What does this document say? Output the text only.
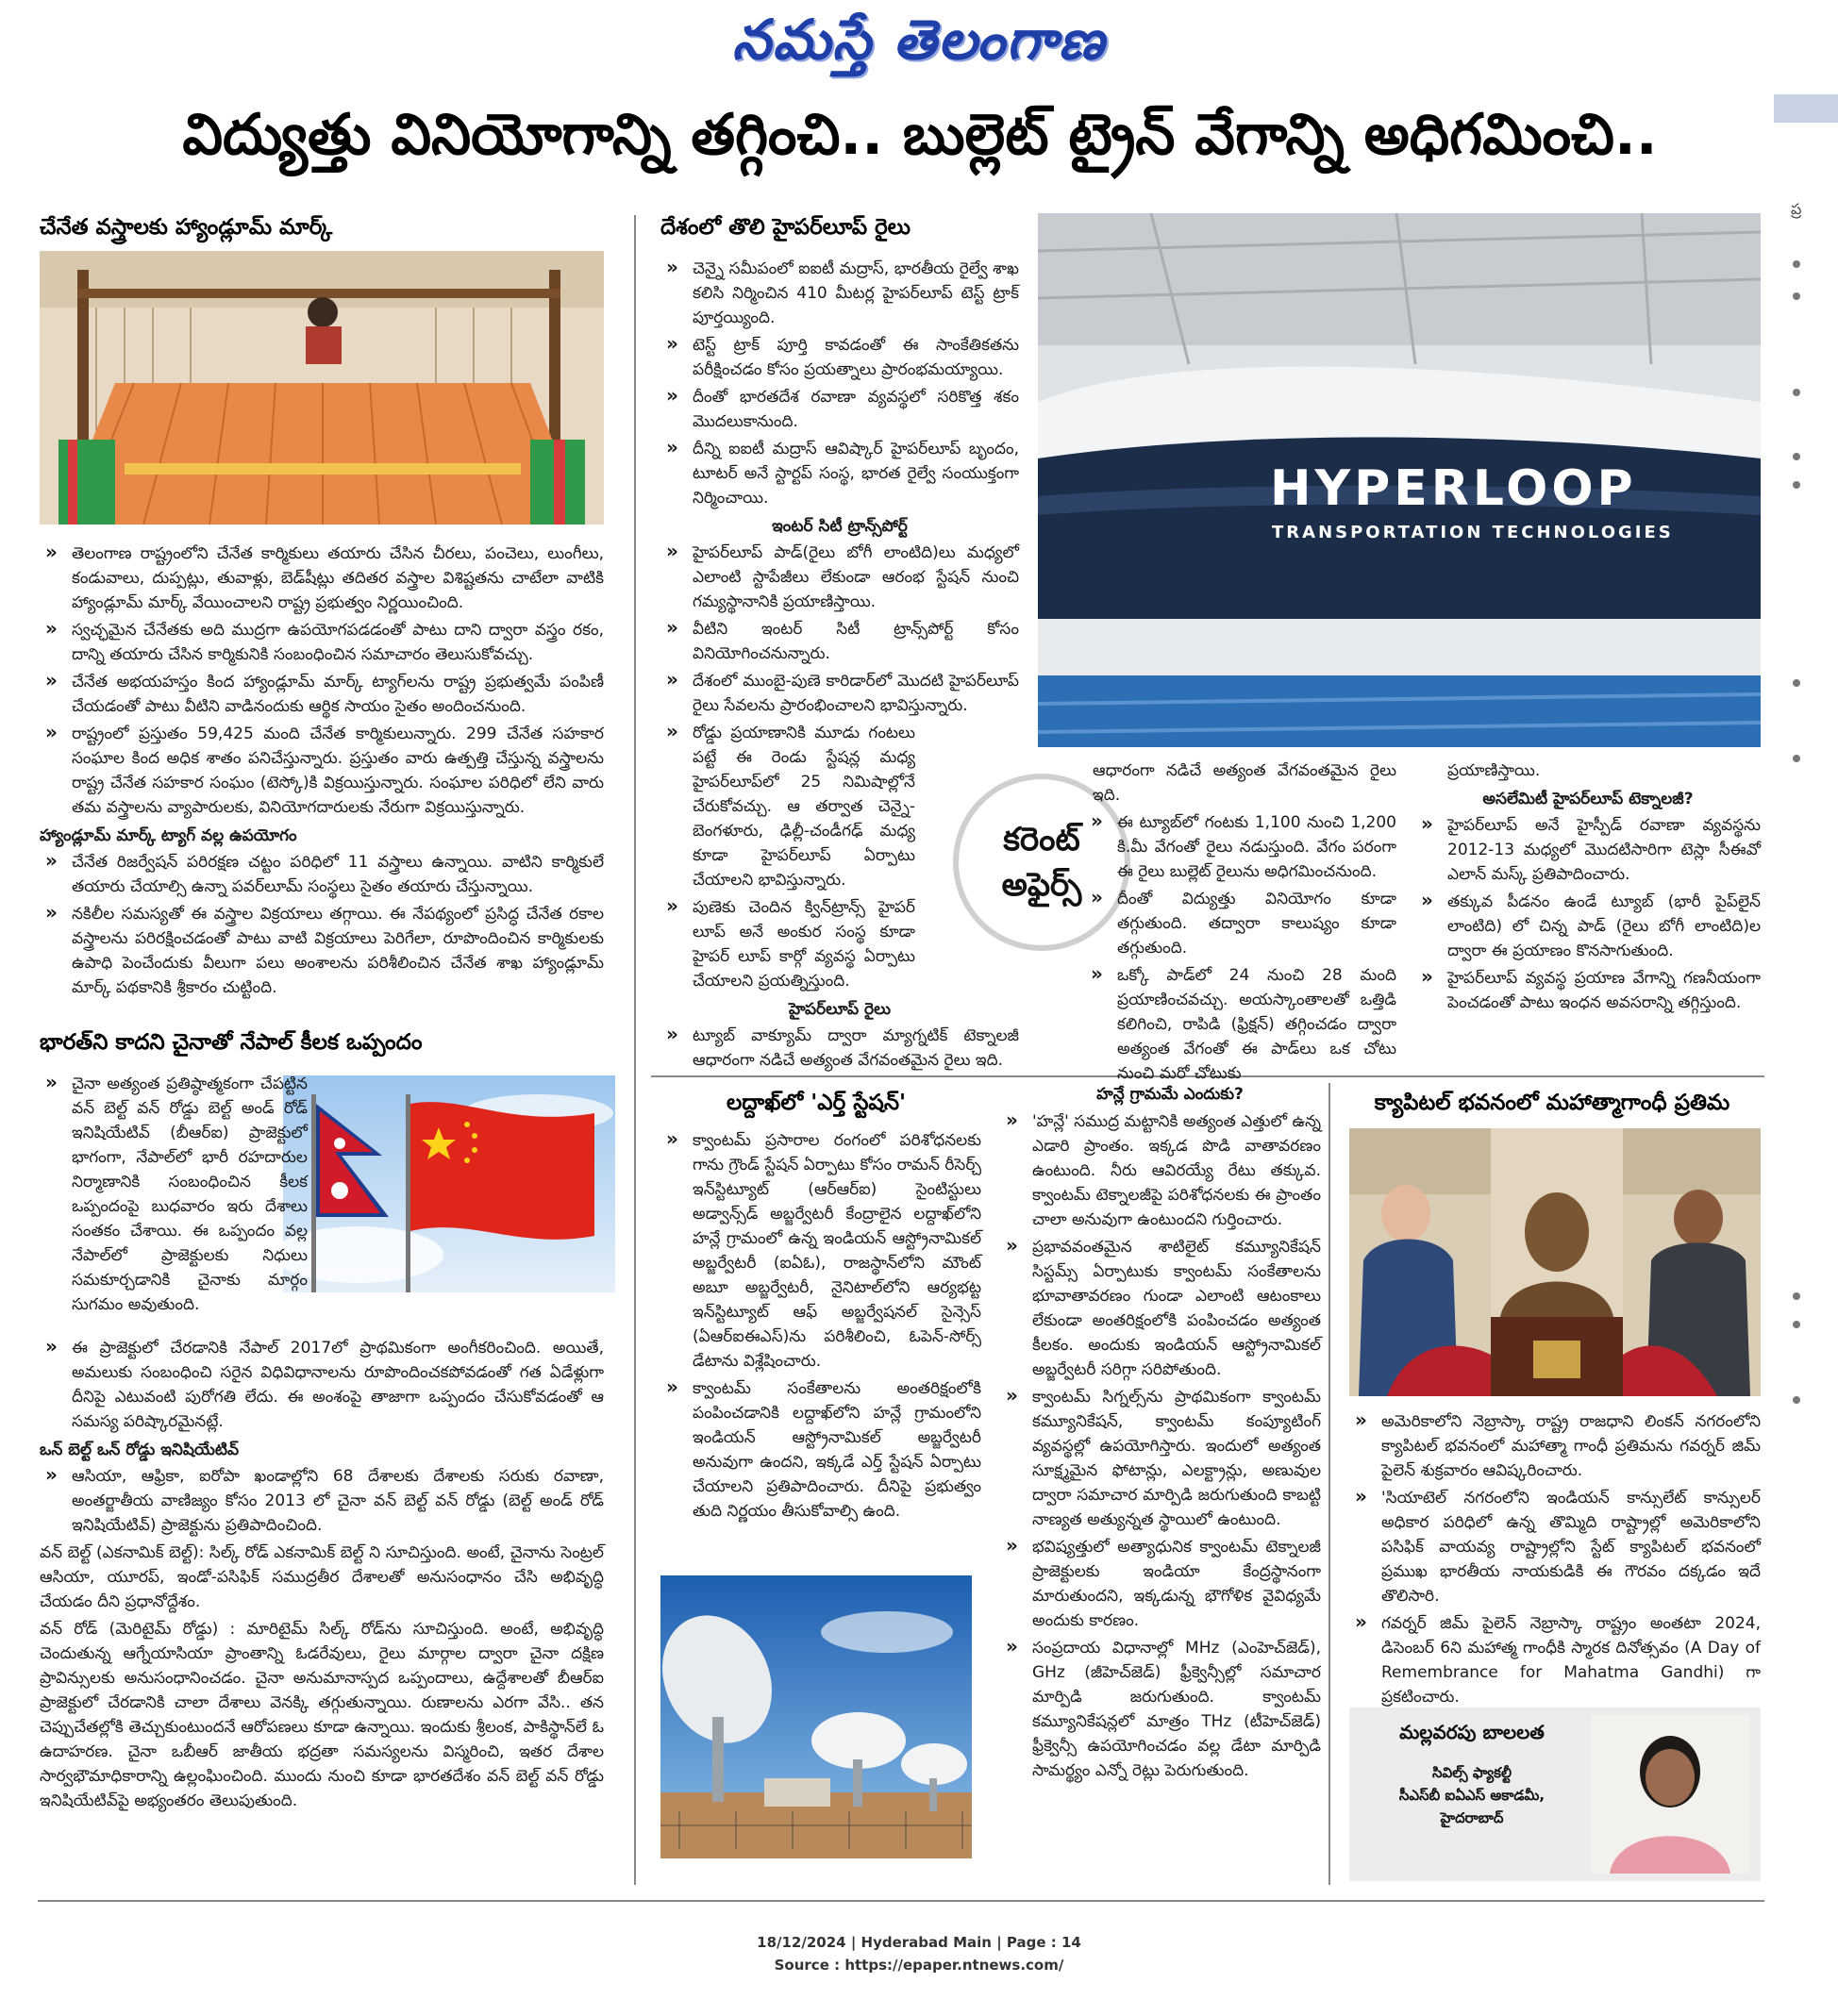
నమస్తే తెలంగాణ
విద్యుత్తు వినియోగాన్ని తగ్గించి.. బుల్లెట్ ట్రైన్ వేగాన్ని అధిగమించి..
ప్ర
చేనేత వస్త్రాలకు హ్యాండ్లూమ్ మార్క్

» తెలంగాణ రాష్ట్రంలోని చేనేత కార్మికులు తయారు చేసిన చీరలు, పంచెలు, లుంగీలు, కండువాలు, దుప్పట్లు, తువాళ్లు, బెడ్‌షీట్లు తదితర వస్త్రాల విశిష్టతను చాటేలా వాటికి హ్యాండ్లూమ్ మార్క్ వేయించాలని రాష్ట్ర ప్రభుత్వం నిర్ణయించింది.

» స్వచ్ఛమైన చేనేతకు అది ముద్రగా ఉపయోగపడడంతో పాటు దాని ద్వారా వస్త్రం రకం, దాన్ని తయారు చేసిన కార్మికునికి సంబంధించిన సమాచారం తెలుసుకోవచ్చు.

» చేనేత అభయహస్తం కింద హ్యాండ్లూమ్ మార్క్ ట్యాగ్‌లను రాష్ట్ర ప్రభుత్వమే పంపిణీ చేయడంతో పాటు వీటిని వాడినందుకు ఆర్థిక సాయం సైతం అందించనుంది.

» రాష్ట్రంలో ప్రస్తుతం 59,425 మంది చేనేత కార్మికులున్నారు. 299 చేనేత సహకార సంఘాల కింద అధిక శాతం పనిచేస్తున్నారు. ప్రస్తుతం వారు ఉత్పత్తి చేస్తున్న వస్త్రాలను రాష్ట్ర చేనేత సహకార సంఘం (టెస్కో)కి విక్రయిస్తున్నారు. సంఘాల పరిధిలో లేని వారు తమ వస్త్రాలను వ్యాపారులకు, వినియోగదారులకు నేరుగా విక్రయిస్తున్నారు.

హ్యాండ్లూమ్ మార్క్ ట్యాగ్ వల్ల ఉపయోగం

» చేనేత రిజర్వేషన్ పరిరక్షణ చట్టం పరిధిలో 11 వస్త్రాలు ఉన్నాయి. వాటిని కార్మికులే తయారు చేయాల్సి ఉన్నా పవర్‌లూమ్ సంస్థలు సైతం తయారు చేస్తున్నాయి.

» నకిలీల సమస్యతో ఈ వస్త్రాల విక్రయాలు తగ్గాయి. ఈ నేపథ్యంలో ప్రసిద్ధ చేనేత రకాల వస్త్రాలను పరిరక్షించడంతో పాటు వాటి విక్రయాలు పెరిగేలా, రూపొందించిన కార్మికులకు ఉపాధి పెంచేందుకు వీలుగా పలు అంశాలను పరిశీలించిన చేనేత శాఖ హ్యాండ్లూమ్ మార్క్ పథకానికి శ్రీకారం చుట్టింది.

భారత్‌ని కాదని చైనాతో నేపాల్ కీలక ఒప్పందం

» చైనా అత్యంత ప్రతిష్ఠాత్మకంగా చేపట్టిన వన్ బెల్ట్ వన్ రోడ్డు బెల్ట్ అండ్ రోడ్ ఇనిషియేటివ్ (బీఆర్ఐ) ప్రాజెక్టులో భాగంగా, నేపాల్‌లో భారీ రహదారుల నిర్మాణానికి సంబంధించిన కీలక ఒప్పందంపై బుధవారం ఇరు దేశాలు సంతకం చేశాయి. ఈ ఒప్పందం వల్ల నేపాల్‌లో ప్రాజెక్టులకు నిధులు సమకూర్చడానికి చైనాకు మార్గం సుగమం అవుతుంది.

» ఈ ప్రాజెక్టులో చేరడానికి నేపాల్ 2017లో ప్రాథమికంగా అంగీకరించింది. అయితే, అమలుకు సంబంధించి సరైన విధివిధానాలను రూపొందించకపోవడంతో గత ఏడేళ్లుగా దీనిపై ఎటువంటి పురోగతి లేదు. ఈ అంశంపై తాజాగా ఒప్పందం చేసుకోవడంతో ఆ సమస్య పరిష్కారమైనట్లే.

ఒన్ బెల్ట్ ఒన్ రోడ్డు ఇనిషియేటివ్

» ఆసియా, ఆఫ్రికా, ఐరోపా ఖండాల్లోని 68 దేశాలకు దేశాలకు సరుకు రవాణా, అంతర్జాతీయ వాణిజ్యం కోసం 2013 లో చైనా వన్ బెల్ట్ వన్ రోడ్డు (బెల్ట్ అండ్ రోడ్ ఇనిషియేటివ్) ప్రాజెక్టును ప్రతిపాదించింది.

వన్ బెల్ట్ (ఎకనామిక్ బెల్ట్): సిల్క్ రోడ్ ఎకనామిక్ బెల్ట్ ని సూచిస్తుంది. అంటే, చైనాను సెంట్రల్ ఆసియా, యూరప్, ఇండో-పసిఫిక్ సముద్రతీర దేశాలతో అనుసంధానం చేసి అభివృద్ధి చేయడం దీని ప్రధానోద్దేశం.

వన్ రోడ్ (మెరిటైమ్ రోడ్డు) : మారిటైమ్ సిల్క్ రోడ్‌ను సూచిస్తుంది. అంటే, అభివృద్ధి చెందుతున్న ఆగ్నేయాసియా ప్రాంతాన్ని ఓడరేవులు, రైలు మార్గాల ద్వారా చైనా దక్షిణ ప్రావిన్సులకు అనుసంధానించడం. చైనా అనుమానాస్పద ఒప్పందాలు, ఉద్దేశాలతో బీఆర్ఐ ప్రాజెక్టులో చేరడానికి చాలా దేశాలు వెనక్కి తగ్గుతున్నాయి. రుణాలను ఎరగా వేసి.. తన చెప్పుచేతల్లోకి తెచ్చుకుంటుందనే ఆరోపణలు కూడా ఉన్నాయి. ఇందుకు శ్రీలంక, పాకిస్థాన్‌లే ఓ ఉదాహరణ. చైనా ఒబీఆర్ జాతీయ భద్రతా సమస్యలను విస్మరించి, ఇతర దేశాల సార్వభౌమాధికారాన్ని ఉల్లంఘించింది. ముందు నుంచి కూడా భారతదేశం వన్ బెల్ట్ వన్ రోడ్డు ఇనిషియేటివ్‌పై అభ్యంతరం తెలుపుతుంది.

దేశంలో తొలి హైపర్‌లూప్ రైలు
HYPERLOOP
TRANSPORTATION TECHNOLOGIES

» చెన్నై సమీపంలో ఐఐటీ మద్రాస్, భారతీయ రైల్వే శాఖ కలిసి నిర్మించిన 410 మీటర్ల హైపర్‌లూప్ టెస్ట్ ట్రాక్ పూర్తయ్యింది.

» టెస్ట్ ట్రాక్ పూర్తి కావడంతో ఈ సాంకేతికతను పరీక్షించడం కోసం ప్రయత్నాలు ప్రారంభమయ్యాయి.

» దీంతో భారతదేశ రవాణా వ్యవస్థలో సరికొత్త శకం మొదలుకానుంది.

» దీన్ని ఐఐటీ మద్రాస్ ఆవిష్కార్ హైపర్‌లూప్ బృందం, టూటర్ అనే స్టార్టప్ సంస్థ, భారత రైల్వే సంయుక్తంగా నిర్మించాయి.

ఇంటర్ సిటీ ట్రాన్స్‌పోర్ట్

» హైపర్‌లూప్ పాడ్(రైలు బోగీ లాంటిది)లు మధ్యలో ఎలాంటి స్టాపేజీలు లేకుండా ఆరంభ స్టేషన్ నుంచి గమ్యస్థానానికి ప్రయాణిస్తాయి.

» వీటిని ఇంటర్ సిటీ ట్రాన్స్‌పోర్ట్ కోసం వినియోగించనున్నారు.

» దేశంలో ముంబై-పుణె కారిడార్‌లో మొదటి హైపర్‌లూప్ రైలు సేవలను ప్రారంభించాలని భావిస్తున్నారు.

» రోడ్డు ప్రయాణానికి మూడు గంటలు పట్టే ఈ రెండు స్టేషన్ల మధ్య హైపర్‌లూప్‌లో 25 నిమిషాల్లోనే చేరుకోవచ్చు. ఆ తర్వాత చెన్నై-బెంగళూరు, ఢిల్లీ-చండీగఢ్ మధ్య కూడా హైపర్‌లూప్ ఏర్పాటు చేయాలని భావిస్తున్నారు.

» పుణెకు చెందిన క్విన్‌ట్రాన్స్ హైపర్ లూప్ అనే అంకుర సంస్థ కూడా హైపర్ లూప్ కార్గో వ్యవస్థ ఏర్పాటు చేయాలని ప్రయత్నిస్తుంది.

హైపర్‌లూప్ రైలు

» ట్యూబ్ వాక్యూమ్ ద్వారా మ్యాగ్నటిక్ టెక్నాలజీ ఆధారంగా నడిచే అత్యంత వేగవంతమైన రైలు ఇది.

కరెంట్
అఫైర్స్

ఆధారంగా నడిచే అత్యంత వేగవంతమైన రైలు ఇది.

» ఈ ట్యూబ్‌లో గంటకు 1,100 నుంచి 1,200 కి.మీ వేగంతో రైలు నడుస్తుంది. వేగం పరంగా ఈ రైలు బుల్లెట్ రైలును అధిగమించనుంది.

» దీంతో విద్యుత్తు వినియోగం కూడా తగ్గుతుంది. తద్వారా కాలుష్యం కూడా తగ్గుతుంది.

» ఒక్కో పాడ్‌లో 24 నుంచి 28 మంది ప్రయాణించవచ్చు. అయస్కాంతాలతో ఒత్తిడి కలిగించి, రాపిడి (ఫ్రిక్షన్) తగ్గించడం ద్వారా అత్యంత వేగంతో ఈ పాడ్‌లు ఒక చోటు నుంచి మరో చోటుకు

ప్రయాణిస్తాయి.

అసలేమిటీ హైపర్‌లూప్ టెక్నాలజీ?

» హైపర్‌లూప్ అనే హైస్పీడ్ రవాణా వ్యవస్థను 2012-13 మధ్యలో మొదటిసారిగా టెస్లా సీఈవో ఎలాన్ మస్క్ ప్రతిపాదించారు.

» తక్కువ పీడనం ఉండే ట్యూబ్ (భారీ పైప్‌లైన్ లాంటిది) లో చిన్న పాడ్ (రైలు బోగీ లాంటిది)ల ద్వారా ఈ ప్రయాణం కొనసాగుతుంది.

» హైపర్‌లూప్ వ్యవస్థ ప్రయాణ వేగాన్ని గణనీయంగా పెంచడంతో పాటు ఇంధన అవసరాన్ని తగ్గిస్తుంది.

లద్దాఖ్‌లో 'ఎర్త్ స్టేషన్'

» క్వాంటమ్ ప్రసారాల రంగంలో పరిశోధనలకు గాను గ్రౌండ్ స్టేషన్ ఏర్పాటు కోసం రామన్ రీసెర్చ్ ఇన్‌స్టిట్యూట్ (ఆర్ఆర్ఐ) సైంటిస్టులు అడ్వాన్స్‌డ్ అబ్జర్వేటరీ కేంద్రాలైన లద్దాఖ్‌లోని హన్లే గ్రామంలో ఉన్న ఇండియన్ ఆస్ట్రోనామికల్ అబ్జర్వేటరీ (ఐఏఓ), రాజస్థాన్‌లోని మౌంట్ అబూ అబ్జర్వేటరీ, నైనిటాల్‌లోని ఆర్యభట్ట ఇన్‌స్టిట్యూట్ ఆఫ్ అబ్జర్వేషనల్ సైన్సెస్ (ఏఆర్ఐఈఎస్)ను పరిశీలించి, ఓపెన్-సోర్స్ డేటాను విశ్లేషించారు.

» క్వాంటమ్ సంకేతాలను అంతరిక్షంలోకి పంపించడానికి లద్దాఖ్‌లోని హన్లే గ్రామంలోని ఇండియన్ ఆస్ట్రోనామికల్ అబ్జర్వేటరీ అనువుగా ఉందని, ఇక్కడే ఎర్త్ స్టేషన్ ఏర్పాటు చేయాలని ప్రతిపాదించారు. దీనిపై ప్రభుత్వం తుది నిర్ణయం తీసుకోవాల్సి ఉంది.

హన్లే గ్రామమే ఎందుకు?

» 'హన్లే' సముద్ర మట్టానికి అత్యంత ఎత్తులో ఉన్న ఎడారి ప్రాంతం. ఇక్కడ పొడి వాతావరణం ఉంటుంది. నీరు ఆవిరయ్యే రేటు తక్కువ. క్వాంటమ్ టెక్నాలజీపై పరిశోధనలకు ఈ ప్రాంతం చాలా అనువుగా ఉంటుందని గుర్తించారు.

» ప్రభావవంతమైన శాటిలైట్ కమ్యూనికేషన్ సిస్టమ్స్ ఏర్పాటుకు క్వాంటమ్ సంకేతాలను భూవాతావరణం గుండా ఎలాంటి ఆటంకాలు లేకుండా అంతరిక్షంలోకి పంపించడం అత్యంత కీలకం. అందుకు ఇండియన్ ఆస్ట్రోనామికల్ అబ్జర్వేటరీ సరిగ్గా సరిపోతుంది.

» క్వాంటమ్ సిగ్నల్స్‌ను ప్రాథమికంగా క్వాంటమ్ కమ్యూనికేషన్, క్వాంటమ్ కంప్యూటింగ్ వ్యవస్థల్లో ఉపయోగిస్తారు. ఇందులో అత్యంత సూక్ష్మమైన ఫోటాన్లు, ఎలక్ట్రాన్లు, అణువుల ద్వారా సమాచార మార్పిడి జరుగుతుంది కాబట్టి నాణ్యత అత్యున్నత స్థాయిలో ఉంటుంది.

» భవిష్యత్తులో అత్యాధునిక క్వాంటమ్ టెక్నాలజీ ప్రాజెక్టులకు ఇండియా కేంద్రస్థానంగా మారుతుందని, ఇక్కడున్న భౌగోళిక వైవిధ్యమే అందుకు కారణం.

» సంప్రదాయ విధానాల్లో MHz (ఎంహెచ్‌జెడ్), GHz (జీహెచ్‌జెడ్) ఫ్రీక్వెన్సీల్లో సమాచార మార్పిడి జరుగుతుంది. క్వాంటమ్ కమ్యూనికేషన్లలో మాత్రం THz (టీహెచ్‌జెడ్) ఫ్రీక్వెన్సీ ఉపయోగించడం వల్ల డేటా మార్పిడి సామర్థ్యం ఎన్నో రెట్లు పెరుగుతుంది.

క్యాపిటల్ భవనంలో మహాత్మాగాంధీ ప్రతిమ

» అమెరికాలోని నెబ్రాస్కా రాష్ట్ర రాజధాని లింకన్ నగరంలోని క్యాపిటల్ భవనంలో మహాత్మా గాంధీ ప్రతిమను గవర్నర్ జిమ్ పైలెన్ శుక్రవారం ఆవిష్కరించారు.

» 'సియాటెల్ నగరంలోని ఇండియన్ కాన్సులేట్ కాన్సులర్ అధికార పరిధిలో ఉన్న తొమ్మిది రాష్ట్రాల్లో అమెరికాలోని పసిఫిక్ వాయవ్య రాష్ట్రాల్లోని స్టేట్ క్యాపిటల్ భవనంలో ప్రముఖ భారతీయ నాయకుడికి ఈ గౌరవం దక్కడం ఇదే తొలిసారి.

» గవర్నర్ జిమ్ పైలెన్ నెబ్రాస్కా రాష్ట్రం అంతటా 2024, డిసెంబర్ 6ని మహాత్మ గాంధీకి స్మారక దినోత్సవం (A Day of Remembrance for Mahatma Gandhi) గా ప్రకటించారు.

మల్లవరపు బాలలత
సివిల్స్ ఫ్యాకల్టీ
సీఎస్‌బీ ఐఏఎస్ అకాడమీ,
హైదరాబాద్
18/12/2024 | Hyderabad Main | Page : 14
Source : https://epaper.ntnews.com/
